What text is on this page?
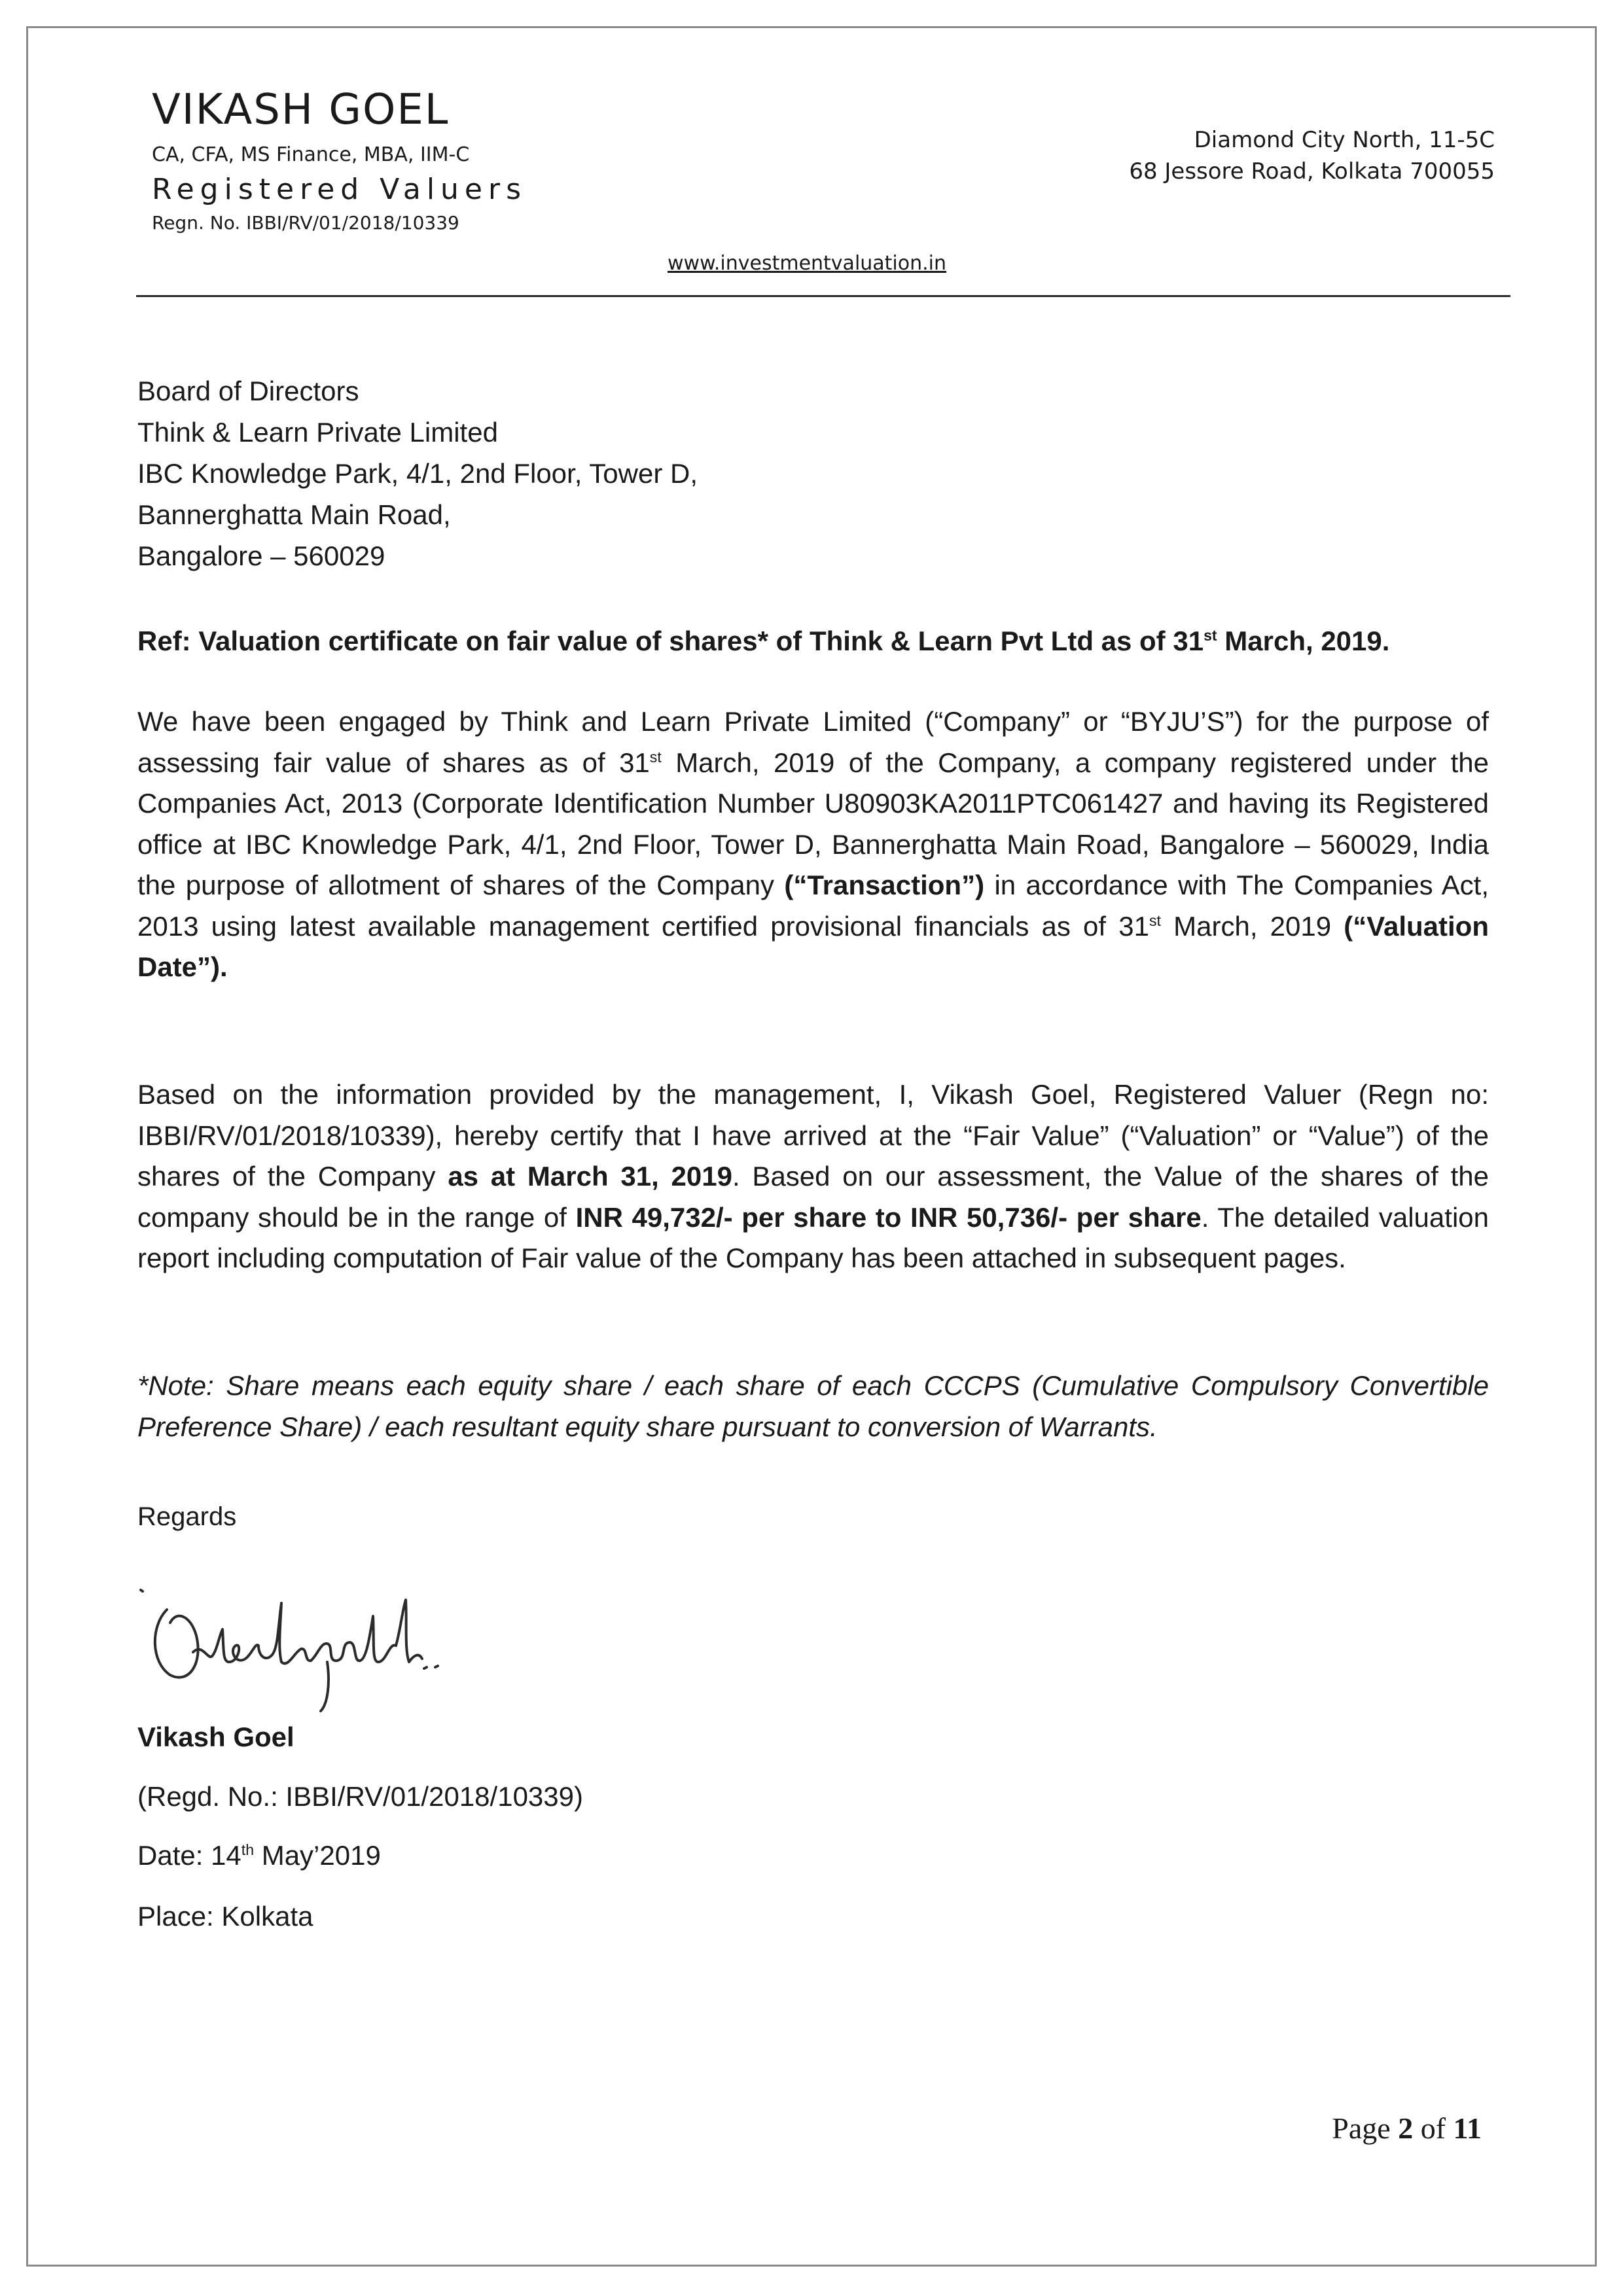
VIKASH GOEL
CA, CFA, MS Finance, MBA, IIM-C
Registered Valuers
Regn. No. IBBI/RV/01/2018/10339
Diamond City North, 11-5C
68 Jessore Road, Kolkata 700055
www.investmentvaluation.in
Board of Directors
Think & Learn Private Limited
IBC Knowledge Park, 4/1, 2nd Floor, Tower D,
Bannerghatta Main Road,
Bangalore – 560029
Ref: Valuation certificate on fair value of shares* of Think & Learn Pvt Ltd as of 31st March, 2019.
We have been engaged by Think and Learn Private Limited (“Company” or “BYJU’S”) for the purpose of assessing fair value of shares as of 31st March, 2019 of the Company, a company registered under the Companies Act, 2013 (Corporate Identification Number U80903KA2011PTC061427 and having its Registered office at IBC Knowledge Park, 4/1, 2nd Floor, Tower D, Bannerghatta Main Road, Bangalore – 560029, India the purpose of allotment of shares of the Company (“Transaction”) in accordance with The Companies Act, 2013 using latest available management certified provisional financials as of 31st March, 2019 (“Valuation Date”).
Based on the information provided by the management, I, Vikash Goel, Registered Valuer (Regn no: IBBI/RV/01/2018/10339), hereby certify that I have arrived at the “Fair Value” (“Valuation” or “Value”) of the shares of the Company as at March 31, 2019. Based on our assessment, the Value of the shares of the company should be in the range of INR 49,732/- per share to INR 50,736/- per share. The detailed valuation report including computation of Fair value of the Company has been attached in subsequent pages.
*Note: Share means each equity share / each share of each CCCPS (Cumulative Compulsory Convertible Preference Share) / each resultant equity share pursuant to conversion of Warrants.
Regards
Vikash Goel
(Regd. No.: IBBI/RV/01/2018/10339)
Date: 14th May’2019
Place: Kolkata
Page 2 of 11
